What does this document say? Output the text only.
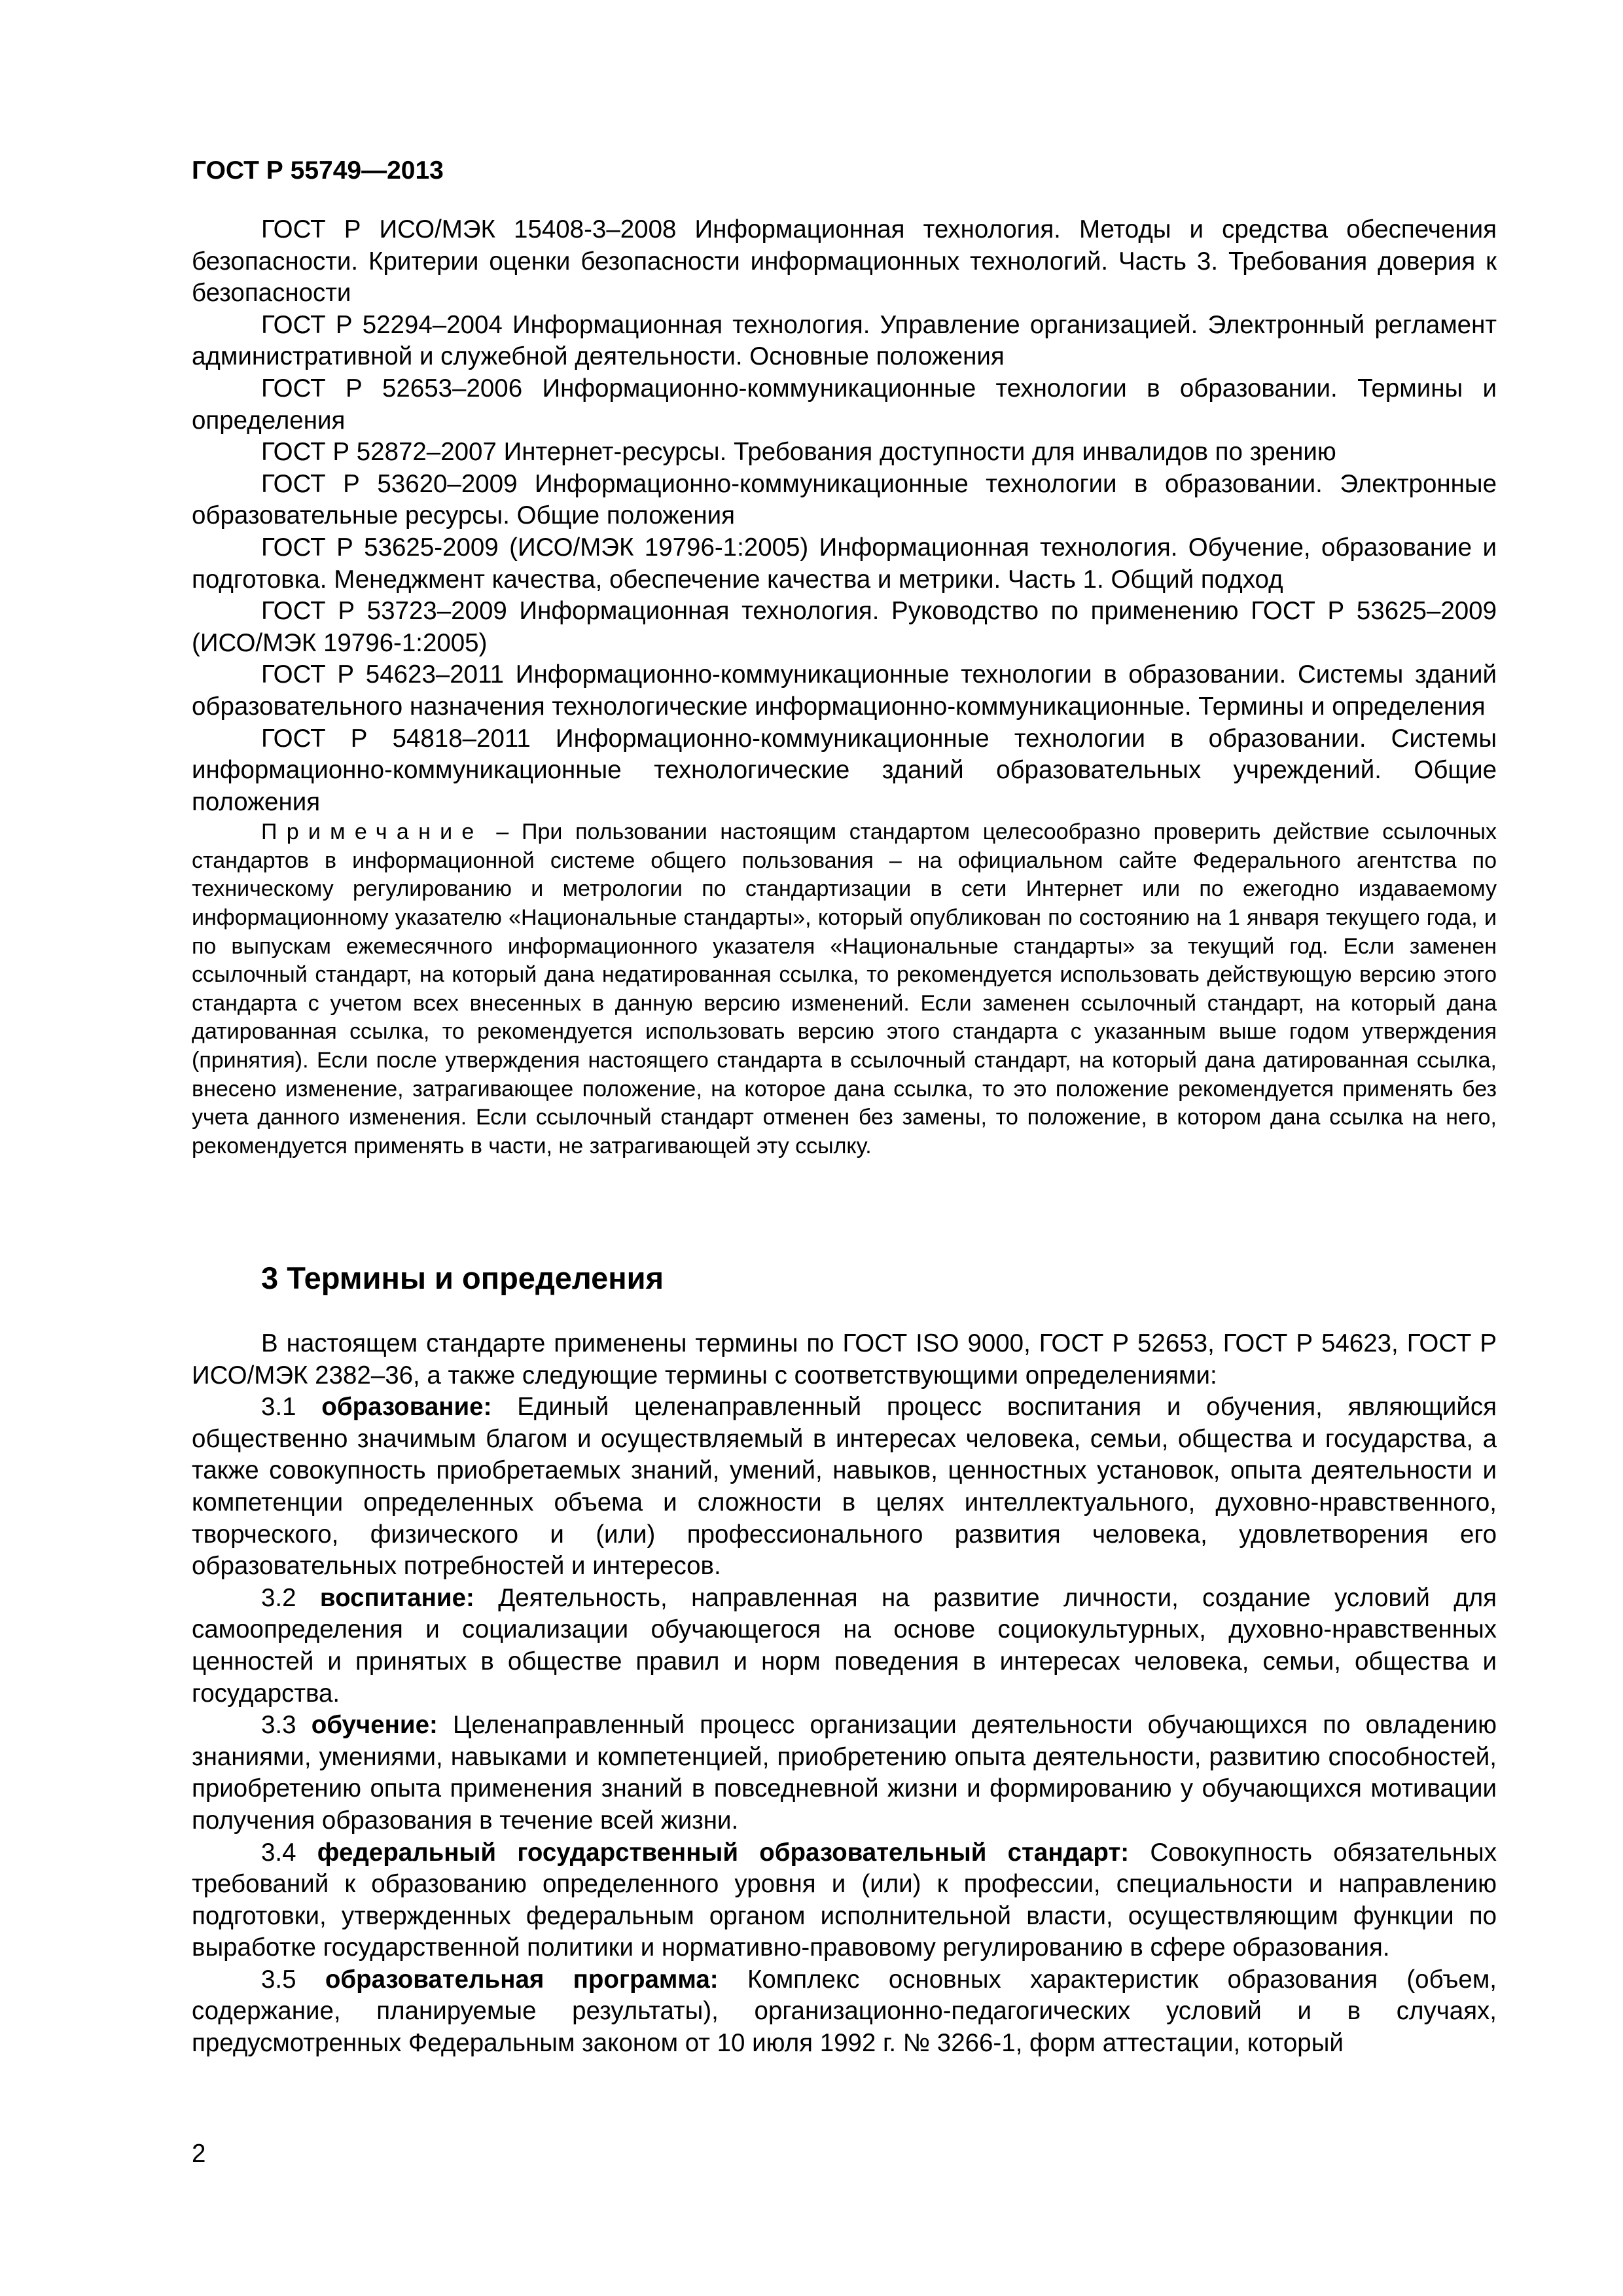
ГОСТ Р 55749—2013

ГОСТ Р ИСО/МЭК 15408-3–2008 Информационная технология. Методы и средства обеспечения безопасности. Критерии оценки безопасности информационных технологий. Часть 3. Требования доверия к безопасности

ГОСТ Р 52294–2004 Информационная технология. Управление организацией. Электронный регламент административной и служебной деятельности. Основные положения

ГОСТ Р 52653–2006 Информационно-коммуникационные технологии в образовании. Термины и определения

ГОСТ Р 52872–2007 Интернет-ресурсы. Требования доступности для инвалидов по зрению

ГОСТ Р 53620–2009 Информационно-коммуникационные технологии в образовании. Электронные образовательные ресурсы. Общие положения

ГОСТ Р 53625-2009 (ИСО/МЭК 19796-1:2005) Информационная технология. Обучение, образование и подготовка. Менеджмент качества, обеспечение качества и метрики. Часть 1. Общий подход

ГОСТ Р 53723–2009 Информационная технология. Руководство по применению ГОСТ Р 53625–2009 (ИСО/МЭК 19796-1:2005)

ГОСТ Р 54623–2011 Информационно-коммуникационные технологии в образовании. Системы зданий образовательного назначения технологические информационно-коммуникационные. Термины и определения

ГОСТ Р 54818–2011 Информационно-коммуникационные технологии в образовании. Системы информационно-коммуникационные технологические зданий образовательных учреждений. Общие положения

Примечание – При пользовании настоящим стандартом целесообразно проверить действие ссылочных стандартов в информационной системе общего пользования – на официальном сайте Федерального агентства по техническому регулированию и метрологии по стандартизации в сети Интернет или по ежегодно издаваемому информационному указателю «Национальные стандарты», который опубликован по состоянию на 1 января текущего года, и по выпускам ежемесячного информационного указателя «Национальные стандарты» за текущий год. Если заменен ссылочный стандарт, на который дана недатированная ссылка, то рекомендуется использовать действующую версию этого стандарта с учетом всех внесенных в данную версию изменений. Если заменен ссылочный стандарт, на который дана датированная ссылка, то рекомендуется использовать версию этого стандарта с указанным выше годом утверждения (принятия). Если после утверждения настоящего стандарта в ссылочный стандарт, на который дана датированная ссылка, внесено изменение, затрагивающее положение, на которое дана ссылка, то это положение рекомендуется применять без учета данного изменения. Если ссылочный стандарт отменен без замены, то положение, в котором дана ссылка на него, рекомендуется применять в части, не затрагивающей эту ссылку.

3 Термины и определения

В настоящем стандарте применены термины по ГОСТ ISO 9000, ГОСТ Р 52653, ГОСТ Р 54623, ГОСТ Р ИСО/МЭК 2382–36, а также следующие термины с соответствующими определениями:

3.1 образование: Единый целенаправленный процесс воспитания и обучения, являющийся общественно значимым благом и осуществляемый в интересах человека, семьи, общества и государства, а также совокупность приобретаемых знаний, умений, навыков, ценностных установок, опыта деятельности и компетенции определенных объема и сложности в целях интеллектуального, духовно-нравственного, творческого, физического и (или) профессионального развития человека, удовлетворения его образовательных потребностей и интересов.

3.2 воспитание: Деятельность, направленная на развитие личности, создание условий для самоопределения и социализации обучающегося на основе социокультурных, духовно-нравственных ценностей и принятых в обществе правил и норм поведения в интересах человека, семьи, общества и государства.

3.3 обучение: Целенаправленный процесс организации деятельности обучающихся по овладению знаниями, умениями, навыками и компетенцией, приобретению опыта деятельности, развитию способностей, приобретению опыта применения знаний в повседневной жизни и формированию у обучающихся мотивации получения образования в течение всей жизни.

3.4 федеральный государственный образовательный стандарт: Совокупность обязательных требований к образованию определенного уровня и (или) к профессии, специальности и направлению подготовки, утвержденных федеральным органом исполнительной власти, осуществляющим функции по выработке государственной политики и нормативно-правовому регулированию в сфере образования.

3.5 образовательная программа: Комплекс основных характеристик образования (объем, содержание, планируемые результаты), организационно-педагогических условий и в случаях, предусмотренных Федеральным законом от 10 июля 1992 г. № 3266-1, форм аттестации, который

2
